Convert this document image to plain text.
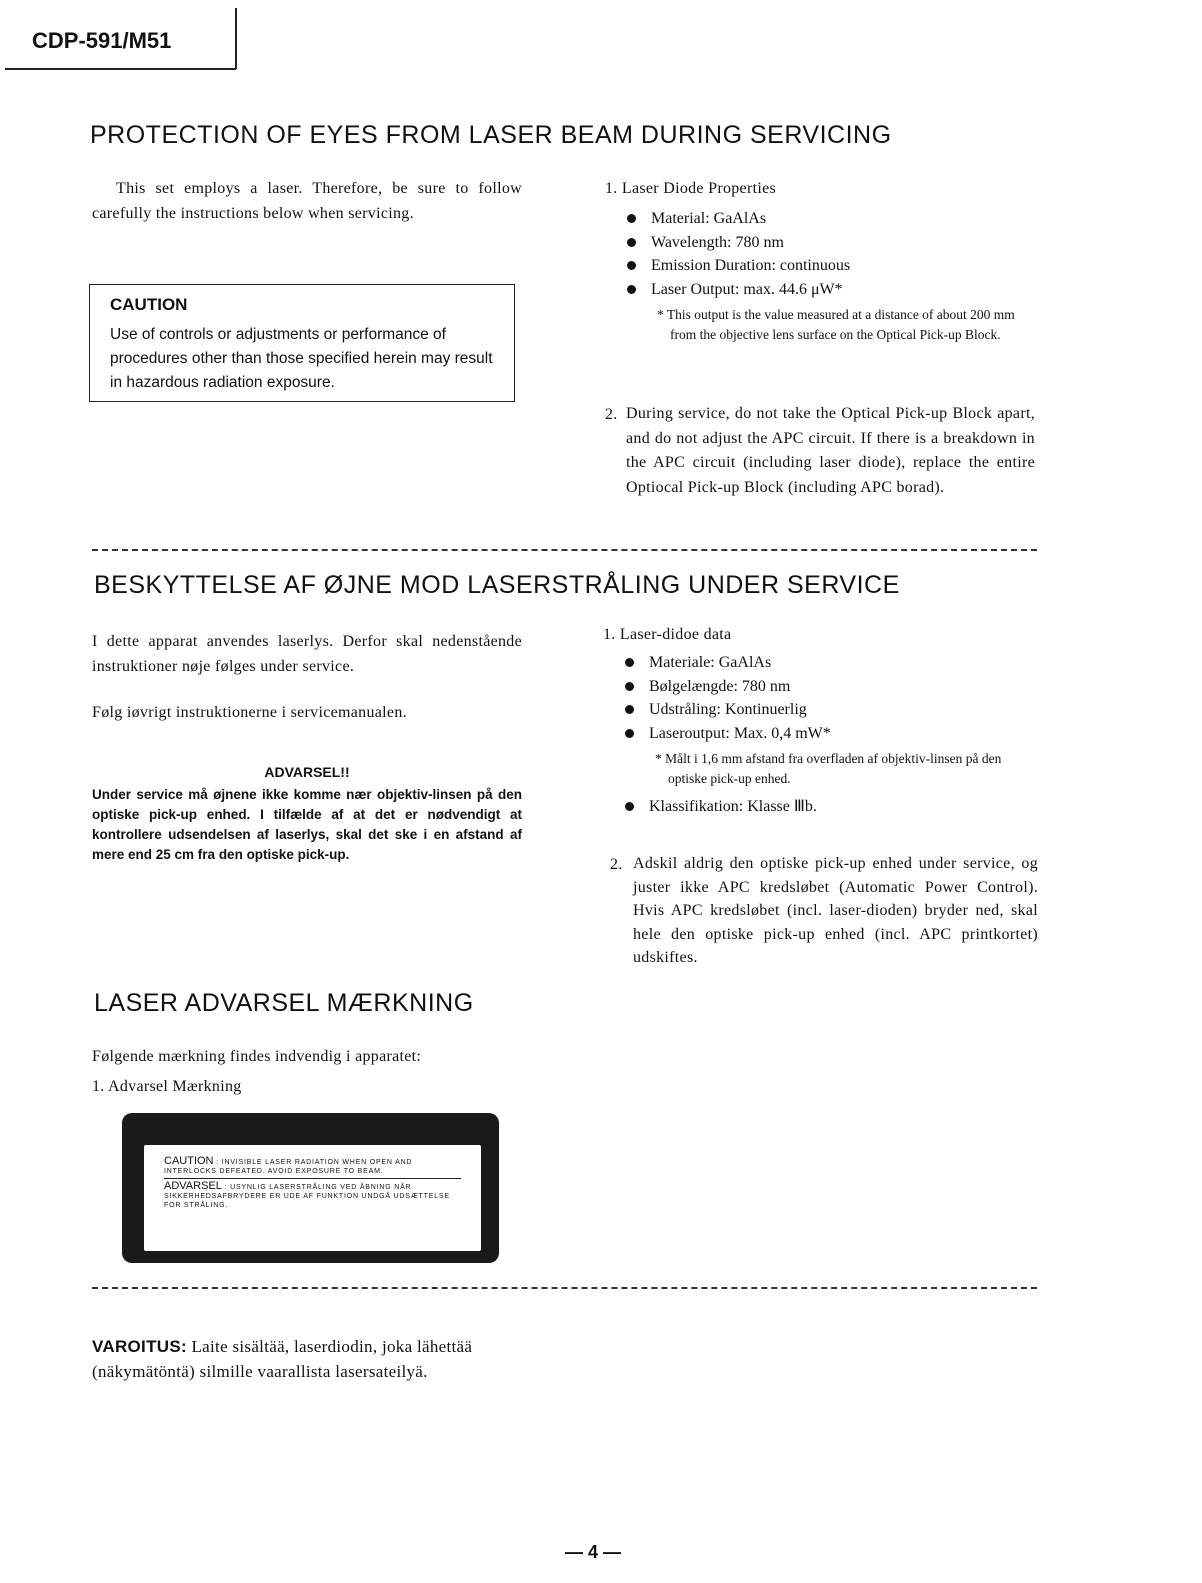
CDP-591/M51
PROTECTION OF EYES FROM LASER BEAM DURING SERVICING

This set employs a laser. Therefore, be sure to follow carefully the instructions below when servicing.

CAUTION
Use of controls or adjustments or performance of procedures other than those specified herein may result in hazardous radiation exposure.

1. Laser Diode Properties

Material: GaAlAs
Wavelength: 780 nm
Emission Duration: continuous
Laser Output: max. 44.6 μW*

* This output is the value measured at a distance of about 200 mm from the objective lens surface on the Optical Pick-up Block.

2. During service, do not take the Optical Pick-up Block apart, and do not adjust the APC circuit. If there is a breakdown in the APC circuit (including laser diode), replace the entire Optiocal Pick-up Block (including APC borad).

BESKYTTELSE AF ØJNE MOD LASERSTRÅLING UNDER SERVICE

I dette apparat anvendes laserlys. Derfor skal nedenstående instruktioner nøje følges under service.

Følg iøvrigt instruktionerne i servicemanualen.

ADVARSEL!!

Under service må øjnene ikke komme nær objektiv-linsen på den optiske pick-up enhed. I tilfælde af at det er nødvendigt at kontrollere udsendelsen af laserlys, skal det ske i en afstand af mere end 25 cm fra den optiske pick-up.

1. Laser-didoe data

Materiale: GaAlAs
Bølgelængde: 780 nm
Udstråling: Kontinuerlig
Laseroutput: Max. 0,4 mW*

* Målt i 1,6 mm afstand fra overfladen af objektiv-linsen på den optiske pick-up enhed.

Klassifikation: Klasse Ⅲb.
2. Adskil aldrig den optiske pick-up enhed under service, og juster ikke APC kredsløbet (Automatic Power Control). Hvis APC kredsløbet (incl. laser-dioden) bryder ned, skal hele den optiske pick-up enhed (incl. APC printkortet) udskiftes.

LASER ADVARSEL MÆRKNING

Følgende mærkning findes indvendig i apparatet:

1. Advarsel Mærkning

CAUTION : INVISIBLE LASER RADIATION WHEN OPEN AND INTERLOCKS DEFEATED. AVOID EXPOSURE TO BEAM.
ADVARSEL : USYNLIG LASERSTRÅLING VED ÅBNING NÅR SIKKERHEDSAFBRYDERE ER UDE AF FUNKTION UNDGÅ UDSÆTTELSE FOR STRÅLING.

VAROITUS: Laite sisältää, laserdiodin, joka lähettää (näkymätöntä) silmille vaarallista lasersateilyä.

— 4 —
